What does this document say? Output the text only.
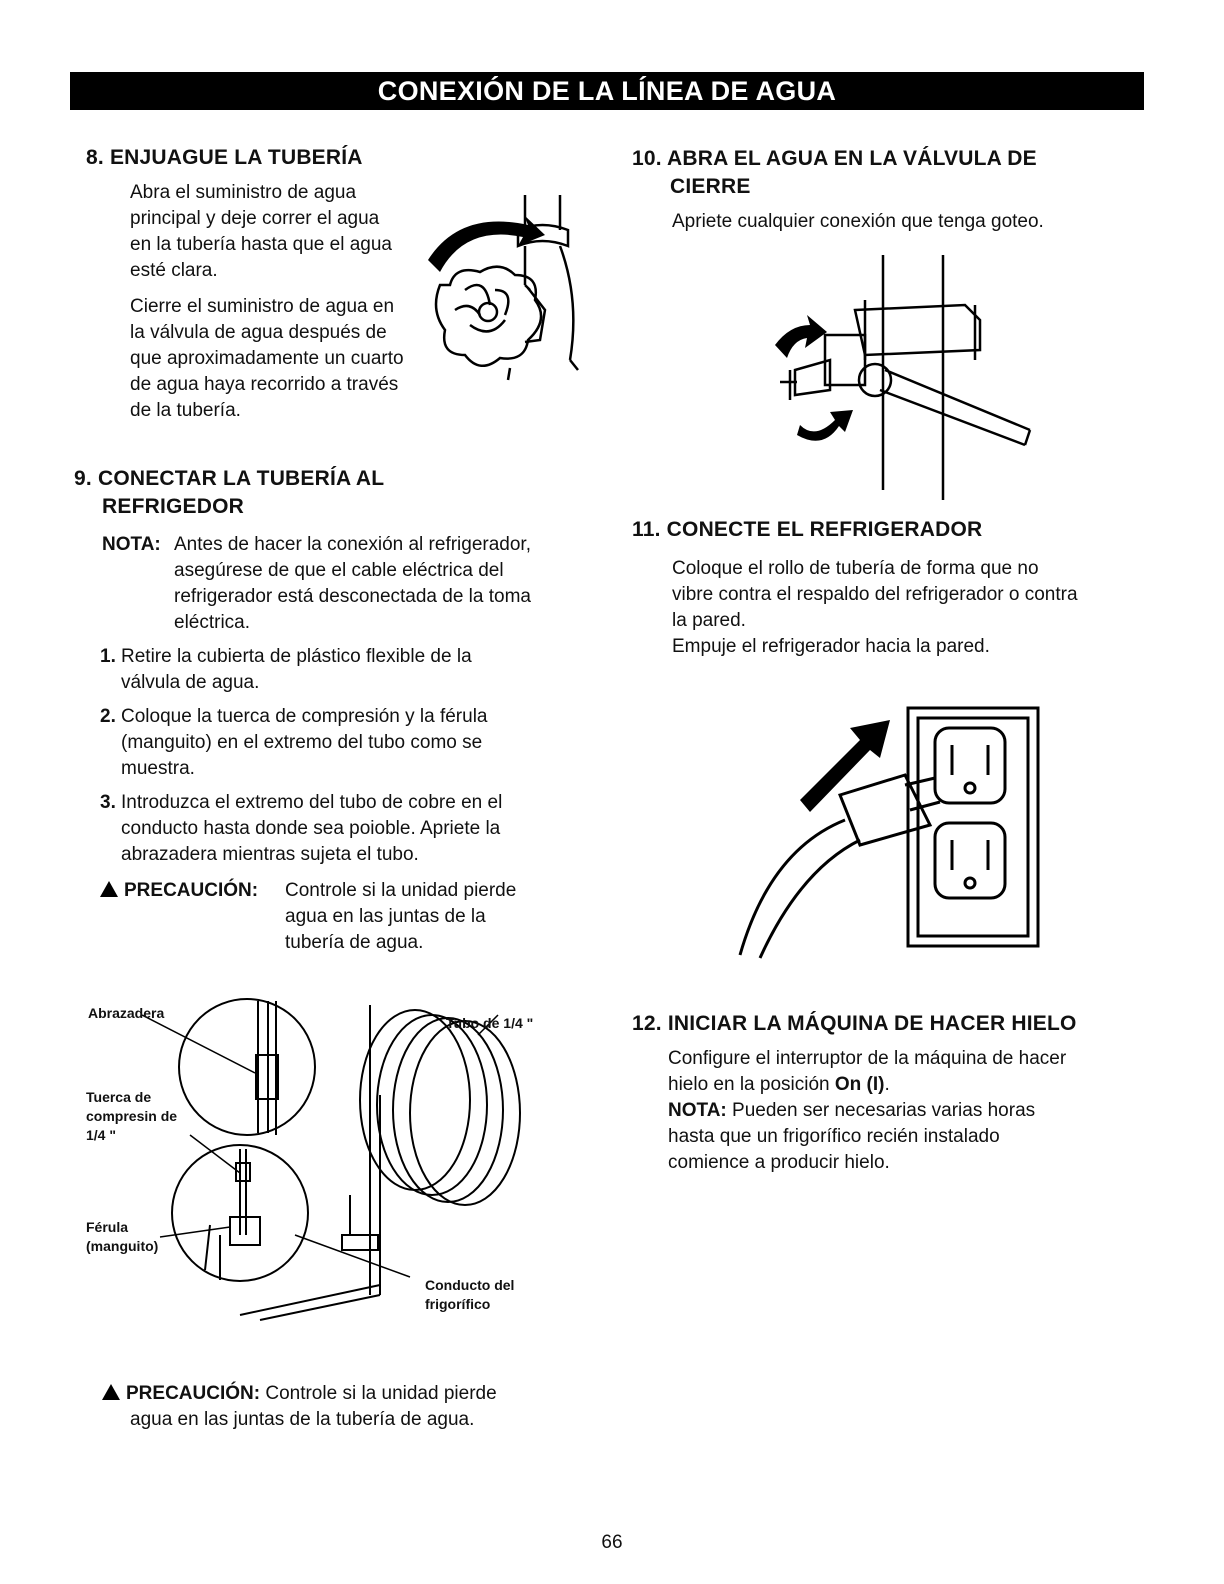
CONEXIÓN DE LA LÍNEA DE AGUA
8. ENJUAGUE LA TUBERÍA
Abra el suministro de agua
principal y deje correr el agua
en la tubería hasta que el agua
esté clara.
Cierre el suministro de agua en
la válvula de agua después de
que aproximadamente un cuarto
de agua haya recorrido a través
de la tubería.
9. CONECTAR LA TUBERÍA AL
REFRIGEDOR
NOTA: Antes de hacer la conexión al refrigerador,
asegúrese de que el cable eléctrica del
refrigerador está desconectada de la toma
eléctrica.
1. Retire la cubierta de plástico flexible de la
válvula de agua.
2. Coloque la tuerca de compresión y la férula
(manguito) en el extremo del tubo como se
muestra.
3. Introduzca el extremo del tubo de cobre en el
conducto hasta donde sea poioble. Apriete la
abrazadera mientras sujeta el tubo.
PRECAUCIÓN: Controle si la unidad pierde
agua en las juntas de la
tubería de agua.
Abrazadera
Tubo de 1/4 "
Tuerca de
compresin de
1/4 "
Férula
(manguito)
Conducto del
frigorífico
PRECAUCIÓN: Controle si la unidad pierde
agua en las juntas de la tubería de agua.
10. ABRA EL AGUA EN LA VÁLVULA DE
CIERRE
Apriete cualquier conexión que tenga goteo.
11. CONECTE EL REFRIGERADOR
Coloque el rollo de tubería de forma que no
vibre contra el respaldo del refrigerador o contra
la pared.
Empuje el refrigerador hacia la pared.
12. INICIAR LA MÁQUINA DE HACER HIELO
Configure el interruptor de la máquina de hacer
hielo en la posición On (I).
NOTA: Pueden ser necesarias varias horas
hasta que un frigorífico recién instalado
comience a producir hielo.
66
